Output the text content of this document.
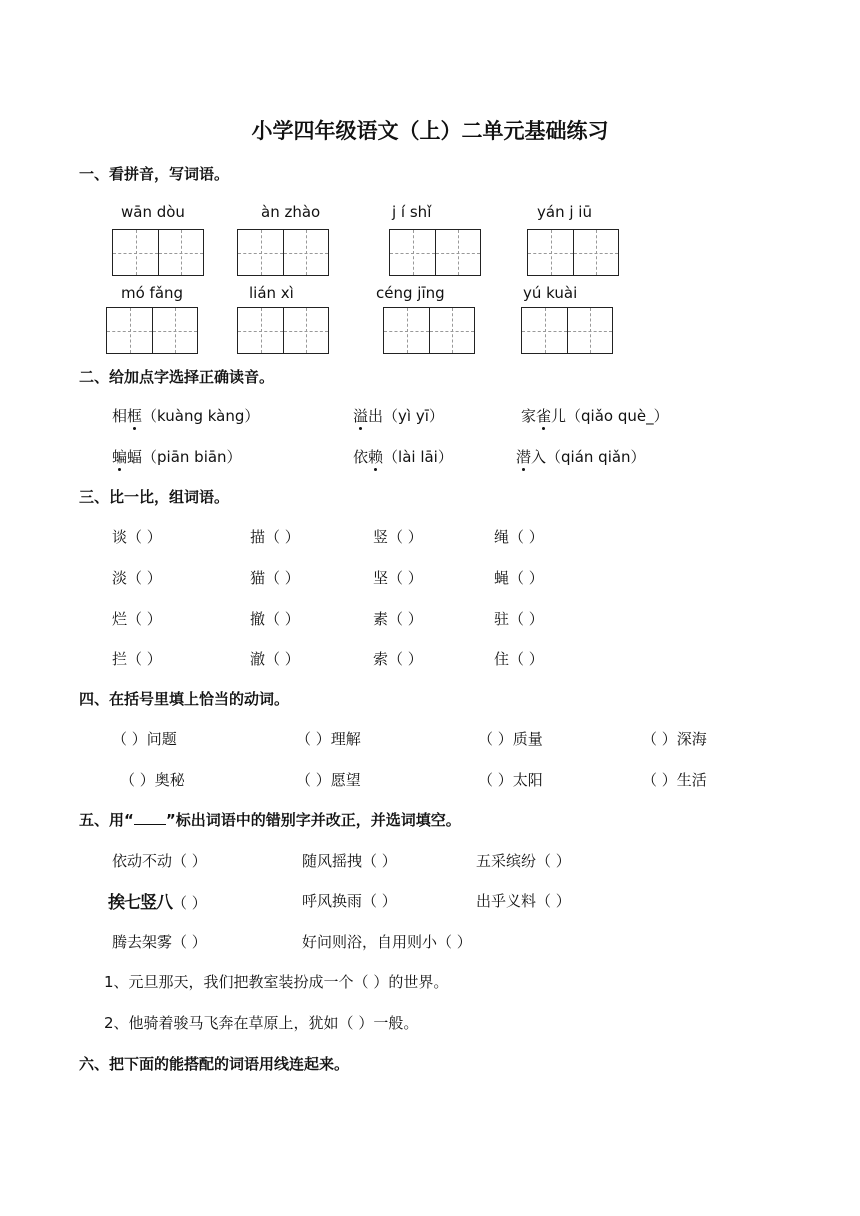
小学四年级语文（上）二单元基础练习
一、看拼音，写词语。
wān dòu	àn zhào	j í shǐ	yán j iū
mó fǎng	lián xì	céng jīng	yú kuài
二、给加点字选择正确读音。
相框（kuàng kàng）	溢出（yì yī）	家雀儿（qiǎo què_）
蝙蝠（piān biān）	依赖（lài lāi）	潜入（qián qiǎn）
三、比一比，组词语。
谈（ ）	描（ ）	竖（ ）	绳（ ）
淡（ ）	猫（ ）	坚（ ）	蝇（ ）
烂（ ）	撤（ ）	素（ ）	驻（ ）
拦（ ）	澈（ ）	索（ ）	住（ ）
四、在括号里填上恰当的动词。
（ ）问题	（ ）理解	（ ）质量	（ ）深海
（ ）奥秘	（ ）愿望	（ ）太阳	（ ）生活
五、用“ ”标出词语中的错别字并改正，并选词填空。
依动不动（ ）	随风摇拽（ ）	五采缤纷（ ）
挨七竖八（ ）	呼风换雨（ ）	出乎义料（ ）
腾去架雾（ ）	好问则浴，自用则小（ ）
1、元旦那天，我们把教室装扮成一个（ ）的世界。
2、他骑着骏马飞奔在草原上，犹如（ ）一般。
六、把下面的能搭配的词语用线连起来。
